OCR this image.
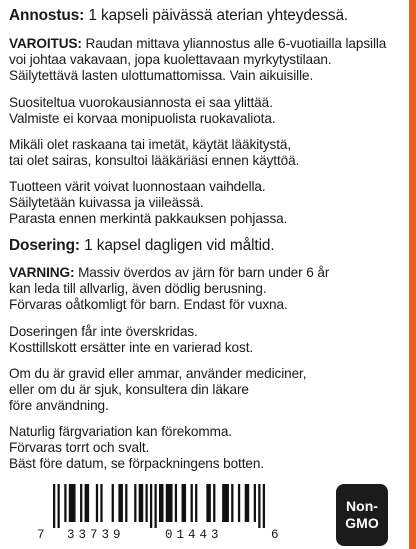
Annostus: 1 kapseli päivässä aterian yhteydessä.
VAROITUS: Raudan mittava yliannostus alle 6-vuotiailla lapsilla
voi johtaa vakavaan, jopa kuolettavaan myrkytystilaan.
Säilytettävä lasten ulottumattomissa. Vain aikuisille.
Suositeltua vuorokausiannosta ei saa ylittää.
Valmiste ei korvaa monipuolista ruokavaliota.
Mikäli olet raskaana tai imetät, käytät lääkitystä,
tai olet sairas, konsultoi lääkäriäsi ennen käyttöä.
Tuotteen värit voivat luonnostaan vaihdella.
Säilytetään kuivassa ja viileässä.
Parasta ennen merkintä pakkauksen pohjassa.
Dosering: 1 kapsel dagligen vid måltid.
VARNING: Massiv överdos av järn för barn under 6 år
kan leda till allvarlig, även dödlig berusning.
Förvaras oåtkomligt för barn. Endast för vuxna.
Doseringen får inte överskridas.
Kosttillskott ersätter inte en varierad kost.
Om du är gravid eller ammar, använder mediciner,
eller om du är sjuk, konsultera din läkare
före användning.
Naturlig färgvariation kan förekomma.
Förvaras torrt och svalt.
Bäst före datum, se förpackningens botten.
7 33739	01443	6
Non-
GMO
